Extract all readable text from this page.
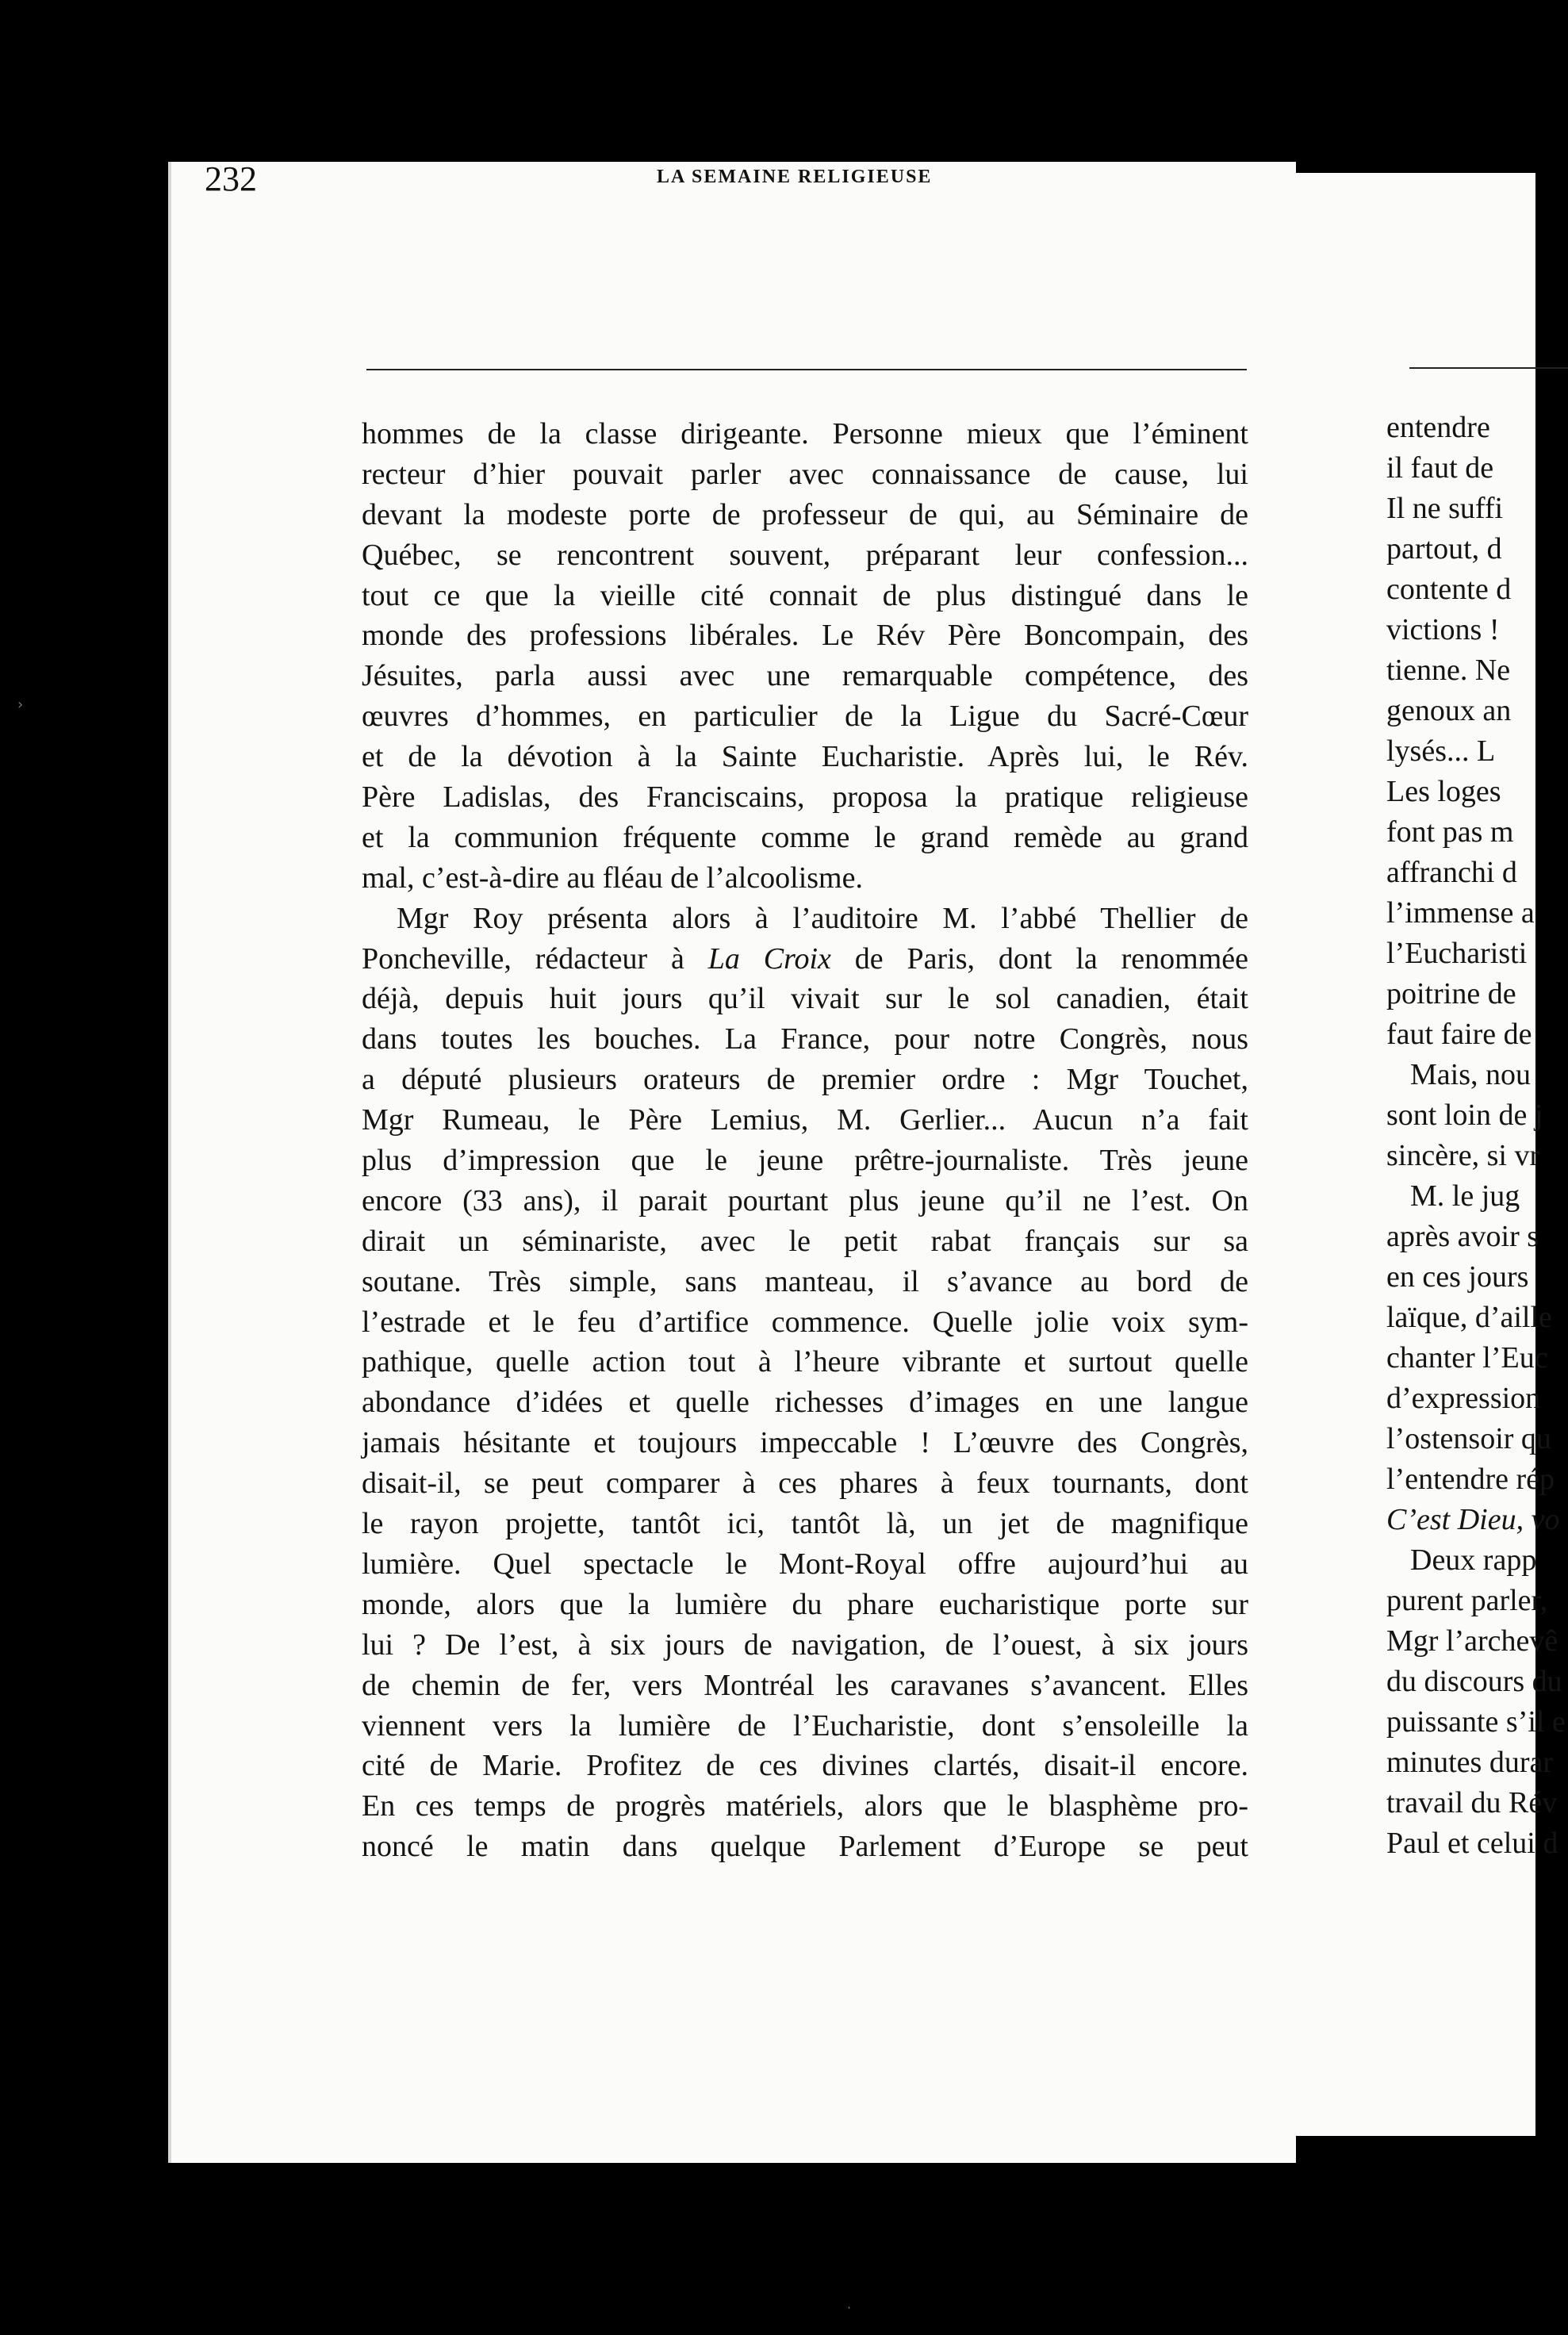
entendre
il faut de
Il ne suffi
partout, d
contente d
victions !
tienne. Ne
genoux an
lysés... L
Les loges
font pas m
affranchi d
l’immense a
l’Eucharisti
poitrine de
faut faire de
Mais, nou
sont loin de j
sincère, si vr
M. le jug
après avoir s
en ces jours
laïque, d’aille
chanter l’Euc
d’expression
l’ostensoir qu
l’entendre rép
C’est Dieu, vo
Deux rapp
purent parler,
Mgr l’archevê
du discours du
puissante s’il e
minutes durar
travail du Rév
Paul et celui d
232	LA SEMAINE RELIGIEUSE
hommes de la classe dirigeante. Personne mieux que l’éminent
recteur d’hier pouvait parler avec connaissance de cause, lui
devant la modeste porte de professeur de qui, au Séminaire de
Québec, se rencontrent souvent, préparant leur confession...
tout ce que la vieille cité connait de plus distingué dans le
monde des professions libérales. Le Rév Père Boncompain, des
Jésuites, parla aussi avec une remarquable compétence, des
œuvres d’hommes, en particulier de la Ligue du Sacré-Cœur
et de la dévotion à la Sainte Eucharistie. Après lui, le Rév.
Père Ladislas, des Franciscains, proposa la pratique religieuse
et la communion fréquente comme le grand remède au grand
mal, c’est-à-dire au fléau de l’alcoolisme.
Mgr Roy présenta alors à l’auditoire M. l’abbé Thellier de
Poncheville, rédacteur à La Croix de Paris, dont la renommée
déjà, depuis huit jours qu’il vivait sur le sol canadien, était
dans toutes les bouches. La France, pour notre Congrès, nous
a député plusieurs orateurs de premier ordre : Mgr Touchet,
Mgr Rumeau, le Père Lemius, M. Gerlier... Aucun n’a fait
plus d’impression que le jeune prêtre-journaliste. Très jeune
encore (33 ans), il parait pourtant plus jeune qu’il ne l’est. On
dirait un séminariste, avec le petit rabat français sur sa
soutane. Très simple, sans manteau, il s’avance au bord de
l’estrade et le feu d’artifice commence. Quelle jolie voix sym-
pathique, quelle action tout à l’heure vibrante et surtout quelle
abondance d’idées et quelle richesses d’images en une langue
jamais hésitante et toujours impeccable ! L’œuvre des Congrès,
disait-il, se peut comparer à ces phares à feux tournants, dont
le rayon projette, tantôt ici, tantôt là, un jet de magnifique
lumière. Quel spectacle le Mont-Royal offre aujourd’hui au
monde, alors que la lumière du phare eucharistique porte sur
lui ? De l’est, à six jours de navigation, de l’ouest, à six jours
de chemin de fer, vers Montréal les caravanes s’avancent. Elles
viennent vers la lumière de l’Eucharistie, dont s’ensoleille la
cité de Marie. Profitez de ces divines clartés, disait-il encore.
En ces temps de progrès matériels, alors que le blasphème pro-
noncé le matin dans quelque Parlement d’Europe se peut
›
·
